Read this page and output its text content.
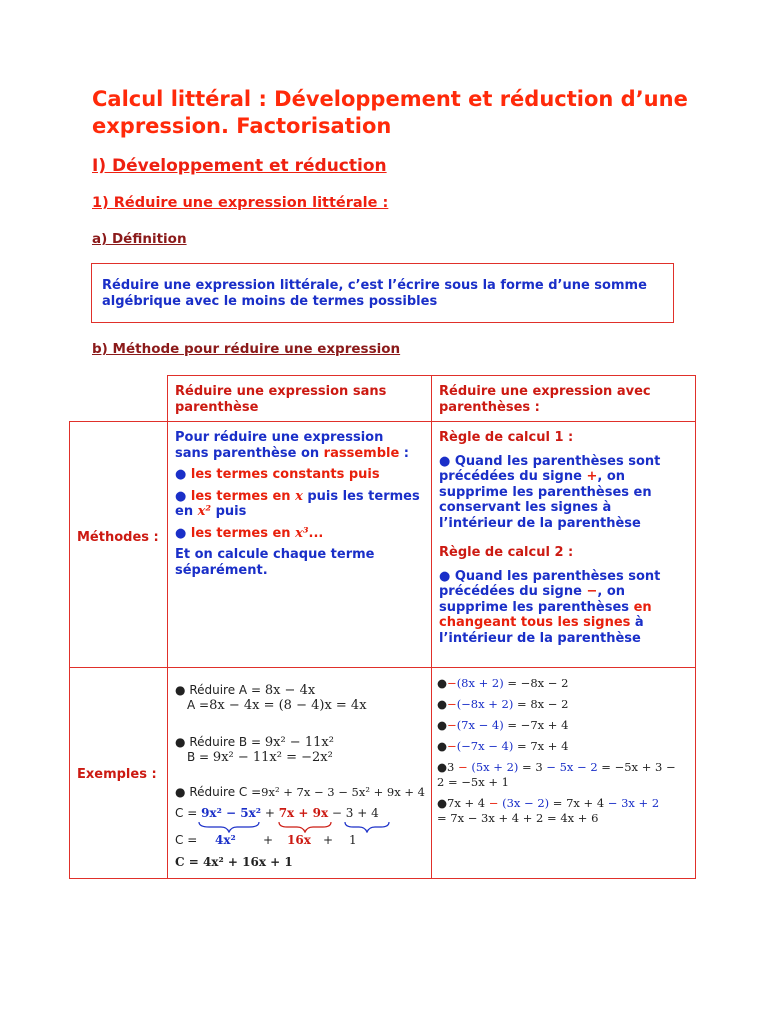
Calcul littéral : Développement et réduction d’une expression. Factorisation
I) Développement et réduction
1) Réduire une expression littérale :
a) Définition
Réduire une expression littérale, c’est l’écrire sous la forme d’une somme algébrique avec le moins de termes possibles
b) Méthode pour réduire une expression
Réduire une expression sans parenthèse
Réduire une expression avec parenthèses :
Méthodes :
Exemples :
Pour réduire une expression sans parenthèse on rassemble :
● les termes constants puis
● les termes en x puis les termes en x² puis
● les termes en x³...
Et on calcule chaque terme séparément.
Règle de calcul 1 :
● Quand les parenthèses sont précédées du signe +, on supprime les parenthèses en conservant les signes à l’intérieur de la parenthèse
Règle de calcul 2 :
● Quand les parenthèses sont précédées du signe −, on supprime les parenthèses en changeant tous les signes à l’intérieur de la parenthèse
● Réduire A = 8x − 4x
A =8x − 4x = (8 − 4)x = 4x
● Réduire B = 9x² − 11x²
B = 9x² − 11x² = −2x²
● Réduire C =9x² + 7x − 3 − 5x² + 9x + 4
C = 9x² − 5x² + 7x + 9x − 3 + 4
C = 4x² + 16x + 1
C = 4x² + 16x + 1
●−(8x + 2) = −8x − 2
●−(−8x + 2) = 8x − 2
●−(7x − 4) = −7x + 4
●−(−7x − 4) = 7x + 4
●3 − (5x + 2) = 3 − 5x − 2 = −5x + 3 −
2 = −5x + 1
●7x + 4 − (3x − 2) = 7x + 4 − 3x + 2
= 7x − 3x + 4 + 2 = 4x + 6
